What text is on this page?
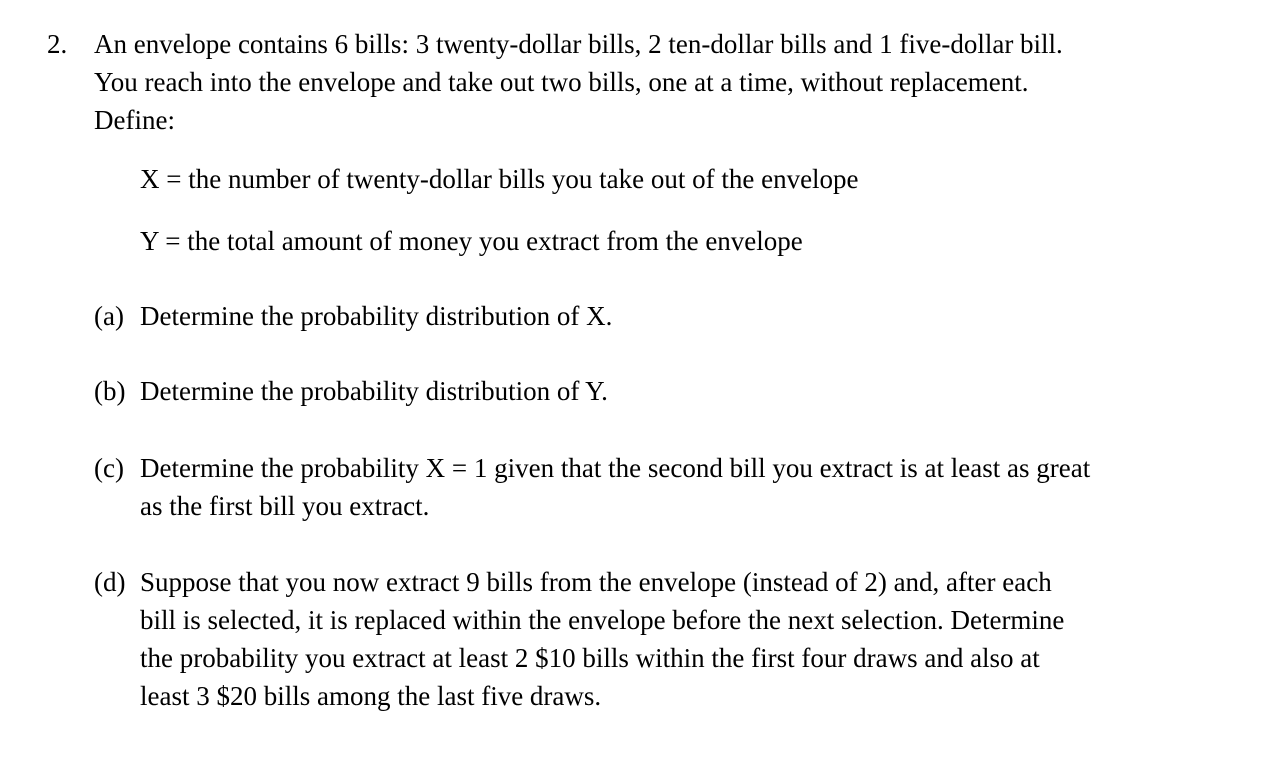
2. An envelope contains 6 bills: 3 twenty-dollar bills, 2 ten-dollar bills and 1 five-dollar bill.
You reach into the envelope and take out two bills, one at a time, without replacement.
Define:
X = the number of twenty-dollar bills you take out of the envelope
Y = the total amount of money you extract from the envelope
(a) Determine the probability distribution of X.
(b) Determine the probability distribution of Y.
(c) Determine the probability X = 1 given that the second bill you extract is at least as great
as the first bill you extract.
(d) Suppose that you now extract 9 bills from the envelope (instead of 2) and, after each
bill is selected, it is replaced within the envelope before the next selection. Determine
the probability you extract at least 2 $10 bills within the first four draws and also at
least 3 $20 bills among the last five draws.
